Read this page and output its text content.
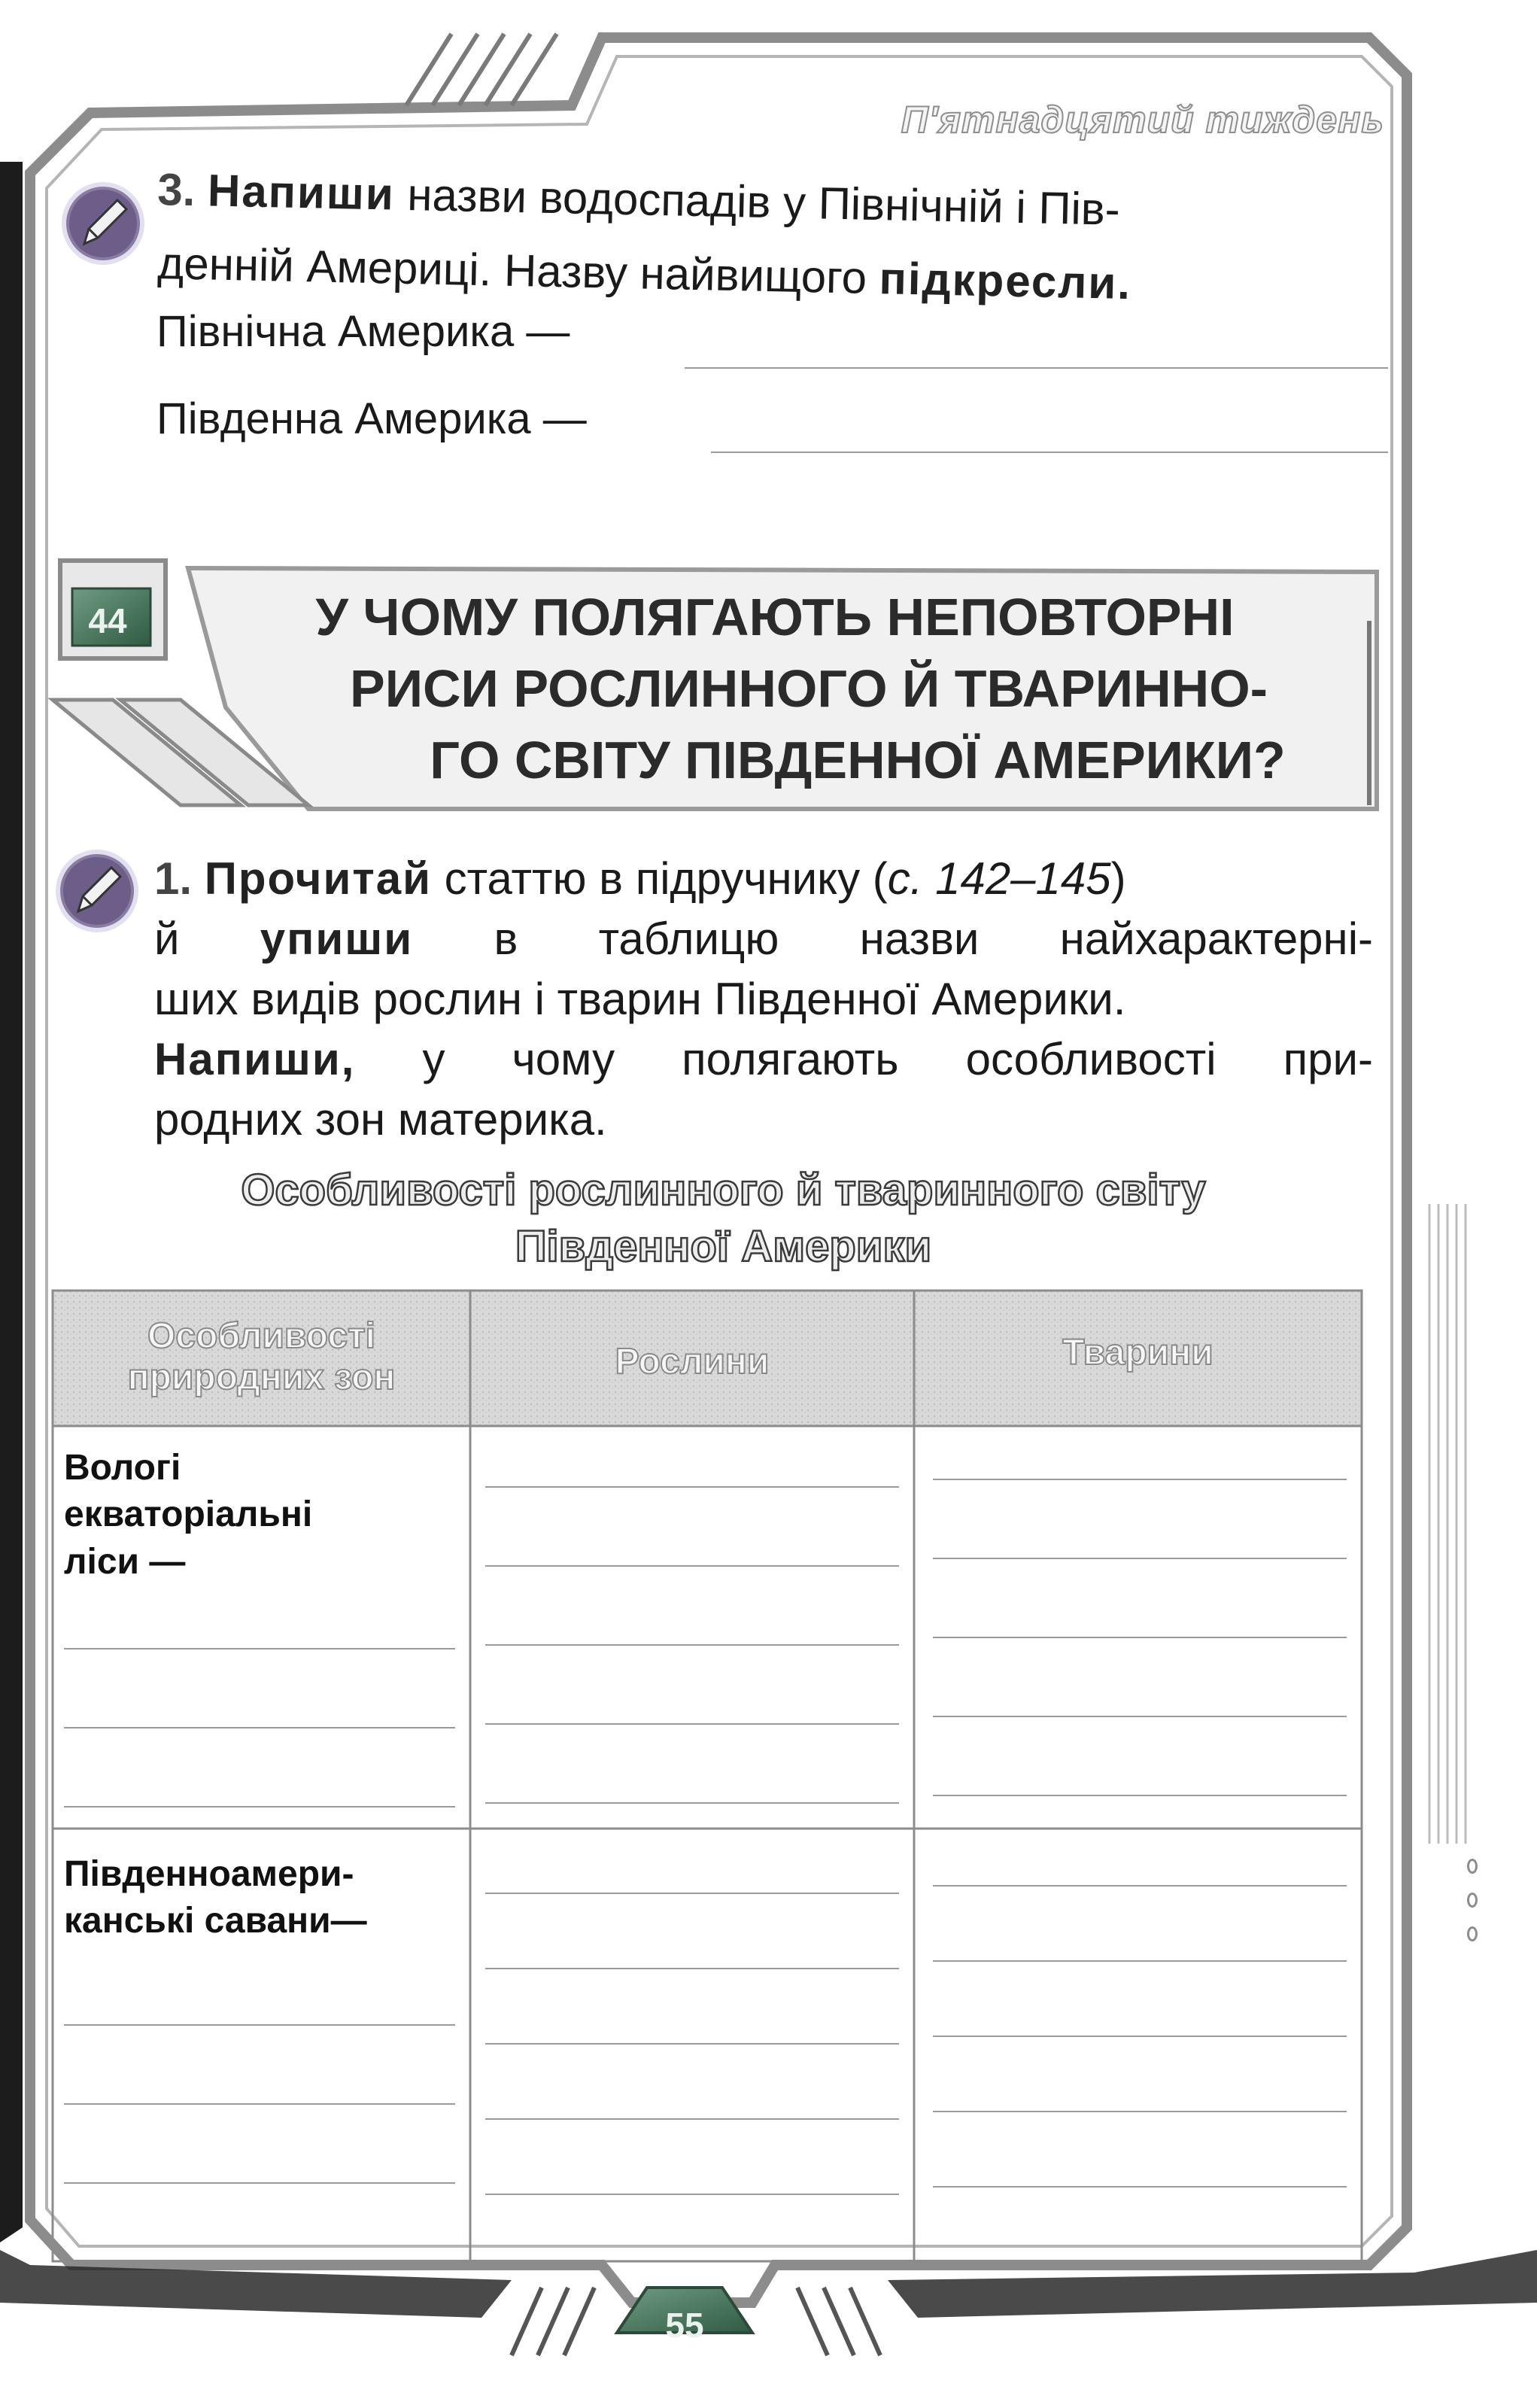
П'ятнадцятий тиждень
3. Напиши назви водоспадів у Північній і Пів-
денній Америці. Назву найвищого підкресли.
Північна Америка —
Південна Америка —
44	У ЧОМУ ПОЛЯГАЮТЬ НЕПОВТОРНІ
РИСИ РОСЛИННОГО Й ТВАРИННО-
ГО СВІТУ ПІВДЕННОЇ АМЕРИКИ?
1. Прочитай статтю в підручнику (с. 142–145)
й упиши в таблицю назви найхарактерні-
ших видів рослин і тварин Південної Америки.
Напиши, у чому полягають особливості при-
родних зон материка.
Особливості рослинного й тваринного світу
Південної Америки
Особливості
природних зон	Рослини	Тварини
Вологі
екваторіальні
ліси —
Південноамери-
канські савани—
55
